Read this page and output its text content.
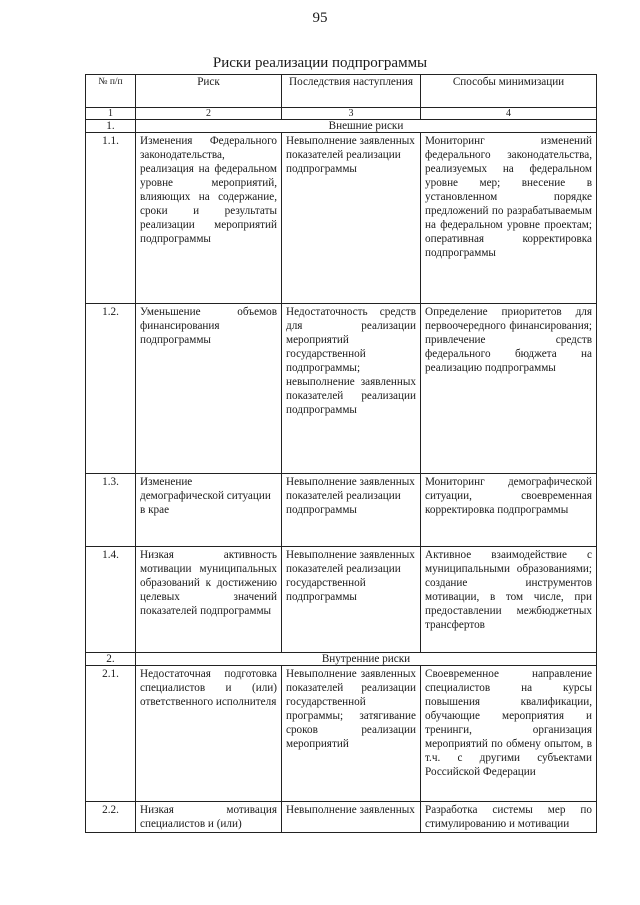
95
Риски реализации подпрограммы
№ п/п	Риск	Последствия наступления	Способы минимизации
1	2	3	4
1.	Внешние риски		
1.1.	Изменения Федерального законодательства, реализация на федеральном уровне мероприятий, влияющих на содержание, сроки и результаты реализации мероприятий подпрограммы	Невыполнение заявленных показателей реализации подпрограммы	Мониторинг изменений федерального законодательства, реализуемых на федеральном уровне мер; внесение в установленном порядке предложений по разрабатываемым на федеральном уровне проектам; оперативная корректировка подпрограммы
1.2.	Уменьшение объемов финансирования подпрограммы	Недостаточность средств для реализации мероприятий государственной подпрограммы; невыполнение заявленных показателей реализации подпрограммы	Определение приоритетов для первоочередного финансирования; привлечение средств федерального бюджета на реализацию подпрограммы
1.3.	Изменение демографической ситуации в крае	Невыполнение заявленных показателей реализации подпрограммы	Мониторинг демографической ситуации, своевременная корректировка подпрограммы
1.4.	Низкая активность мотивации муниципальных образований к достижению целевых значений показателей подпрограммы	Невыполнение заявленных показателей реализации государственной подпрограммы	Активное взаимодействие с муниципальными образованиями; создание инструментов мотивации, в том числе, при предоставлении межбюджетных трансфертов
2.	Внутренние риски		
2.1.	Недостаточная подготовка специалистов и (или) ответственного исполнителя	Невыполнение заявленных показателей реализации государственной программы; затягивание сроков реализации мероприятий	Своевременное направление специалистов на курсы повышения квалификации, обучающие мероприятия и тренинги, организация мероприятий по обмену опытом, в т.ч. с другими субъектами Российской Федерации
2.2.	Низкая мотивация специалистов и (или)	Невыполнение заявленных	Разработка системы мер по стимулированию и мотивации
